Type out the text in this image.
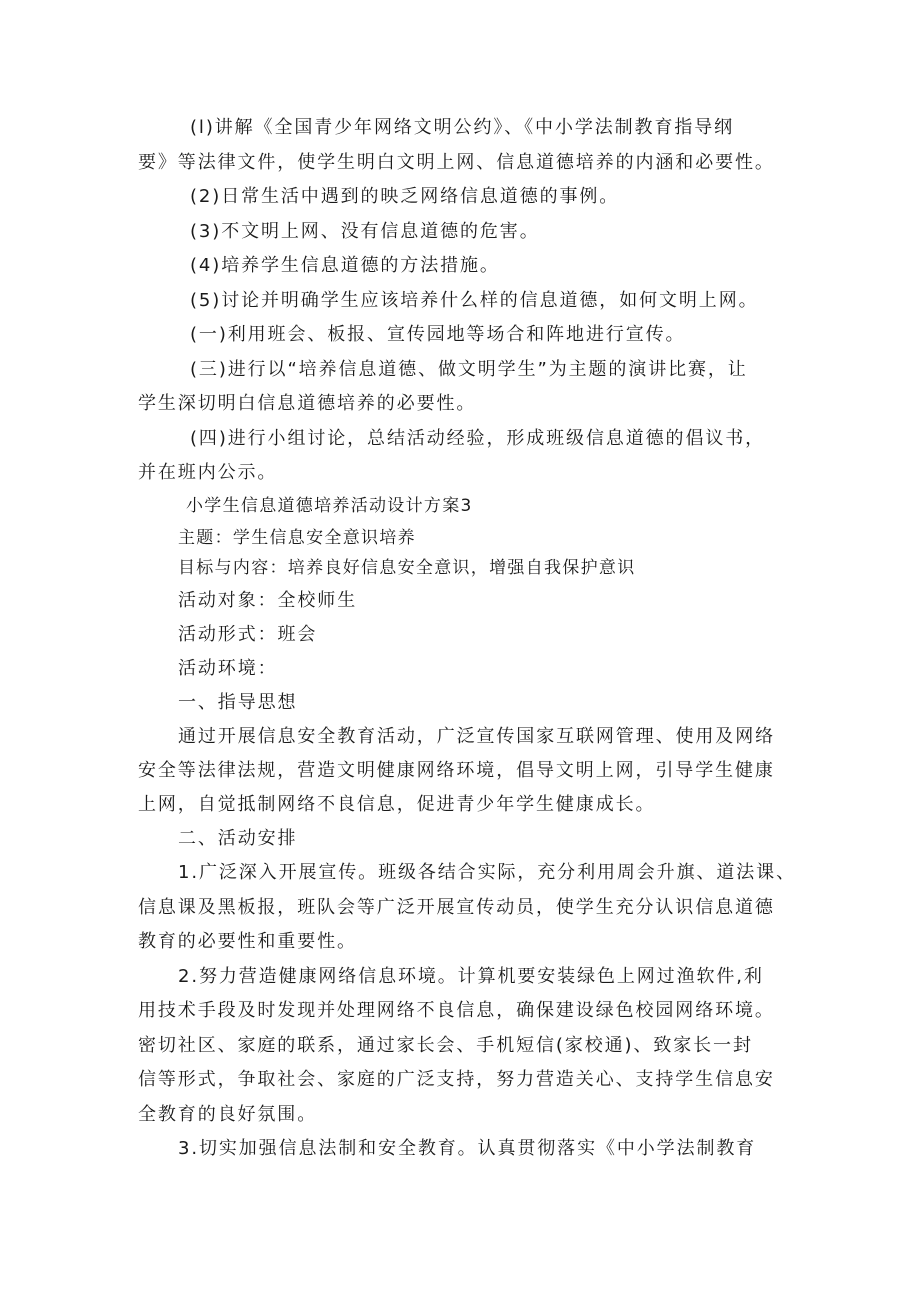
(l)讲解《全国青少年网络文明公约》、《中小学法制教育指导纲

要》等法律文件，使学生明白文明上网、信息道德培养的内涵和必要性。

(2)日常生活中遇到的映乏网络信息道德的事例。

(3)不文明上网、没有信息道德的危害。

(4)培养学生信息道德的方法措施。

(5)讨论并明确学生应该培养什么样的信息道德，如何文明上网。

(一)利用班会、板报、宣传园地等场合和阵地进行宣传。

(三)进行以“培养信息道德、做文明学生”为主题的演讲比赛，让

学生深切明白信息道德培养的必要性。

(四)进行小组讨论，总结活动经验，形成班级信息道德的倡议书，

并在班内公示。

小学生信息道德培养活动设计方案3

主题：学生信息安全意识培养

目标与内容：培养良好信息安全意识，增强自我保护意识

活动对象：全校师生

活动形式：班会

活动环境：

一、指导思想

通过开展信息安全教育活动，广泛宣传国家互联网管理、使用及网络

安全等法律法规，营造文明健康网络环境，倡导文明上网，引导学生健康

上网，自觉抵制网络不良信息，促进青少年学生健康成长。

二、活动安排

1.广泛深入开展宣传。班级各结合实际，充分利用周会升旗、道法课、

信息课及黑板报，班队会等广泛开展宣传动员，使学生充分认识信息道德

教育的必要性和重要性。

2.努力营造健康网络信息环境。计算机要安装绿色上网过渔软件,利

用技术手段及时发现并处理网络不良信息，确保建设绿色校园网络环境。

密切社区、家庭的联系，通过家长会、手机短信(家校通)、致家长一封

信等形式，争取社会、家庭的广泛支持，努力营造关心、支持学生信息安

全教育的良好氛围。

3.切实加强信息法制和安全教育。认真贯彻落实《中小学法制教育
